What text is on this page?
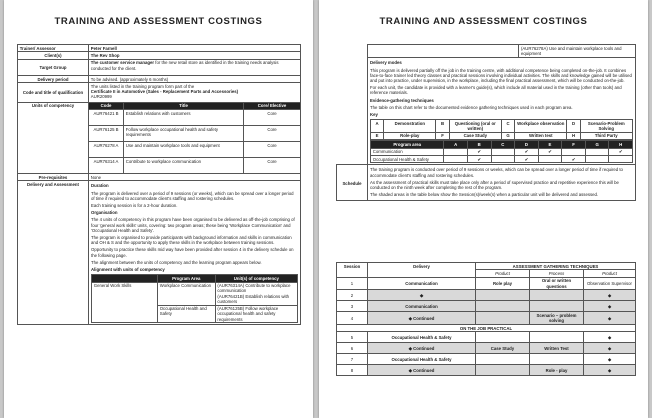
TRAINING AND ASSESSMENT COSTINGS
Trainer/ Assessor	Peter Farnell
Client(s)	The Rev Shop
Target Group	The customer service manager for the new retail store as identified in the training needs analysis conducted for the client.
Delivery period	To be advised. (approximately 6 months)
Code and title of qualification	
The units listed in the training program form part of the
Certificate II in Automotive (Sales - Replacement Parts and Accessories)
AUR20999

Units of competency	Code	Title	Core/ Elective
AUR76421 B	Establish relations with customers	Core
AUR76125 B	Follow workplace occupational health and safety requirements	Core
AUR76278 A	Use and maintain workplace tools and equipment	Core
AUR76314 A	Contribute to workplace communication	Core
Pre-requisites	None
Delivery and Assessment	Duration

The program is delivered over a period of 9 sessions (or weeks), which can be spread over a longer period of time if required to accommodate client's staffing and rostering schedules.

Each training session is for a 2-hour duration.

Organisation

The 4 units of competency in this program have been organised to be delivered as off-the-job comprising of four 'general work skills' units, covering: two program areas; these being 'Workplace Communication' and 'Occupational Health and Safety'.

The program is organised to provide participants with background information and skills in communication and OH & S and the opportunity to apply these skills in the workplace between training sessions.

Opportunity to practice these skills mid way have been provided after session 4 in the delivery schedule on the following page.

The alignment between the units of competency and the learning program appears below.

Alignment with units of competency

	Program Area	Unit(s) of competency
General Work Skills	Workplace Communication	(AUR76314A) Contribute to workplace communication
(AUR76421B) Establish relations with customers

Occupational Health and Safety	(AUR76125B) Follow workplace occupational health and safety requirements
TRAINING AND ASSESSMENT COSTINGS

(AUR76278A) Use and maintain workplace tools and equipment

Delivery modes

This program is delivered partially off the job in the training centre, with additional competence being completed on-the-job. It combines face-to-face trainer led theory classes and practical sessions involving individual activities. The skills and knowledge gained will be utilised and put into practice, under supervision, in the workplace, including the final practical assessment, which will be conducted on-the-job.

For each unit, the candidate is provided with a learner's guide(s), which include all material used in the training (other than tools) and reference materials.

Evidence-gathering techniques

The table on this chart refer to the documented evidence gathering techniques used in each program area.

Key

A	Demonstration	B	Questioning (oral or written)	C	Workplace observation	D	Scenario-Problem Solving
E	Role-play	F	Case Study	G	Written test	H	Third Party
Program area	A	B	C	D	E	F	G	H
Communication		✔		✔	✔			✔	
Occupational Health & Safety		✔		✔		✔			

Schedule	

The training program is conducted over period of 9 sessions or weeks, which can be spread over a longer period of time if required to accommodate client's staffing and rostering schedules.

As the assessment of practical skills must take place only after a period of supervised practice and repetitive experience this will be conducted on the ninth week after completing the rest of the program.

The shaded areas in the table below show the Session(s)/week(s) when a particular unit will be delivered and assessed.

Session	Delivery	ASSESSMENT GATHERING TECHNIQUES		
		Product	Process	Product
1	Communication	Role play	Oral or written questions	Observation Supervisor
2	◆			◆
3	Communication			◆
4	◆ Continued		Scenario – problem solving	◆
ON THE JOB PRACTICAL				
5	Occupational Health & Safety			◆
6	◆ Continued	Case Study	Written Test	◆
7	Occupational Health & Safety			◆
8	◆ Continued		Role - play	◆
